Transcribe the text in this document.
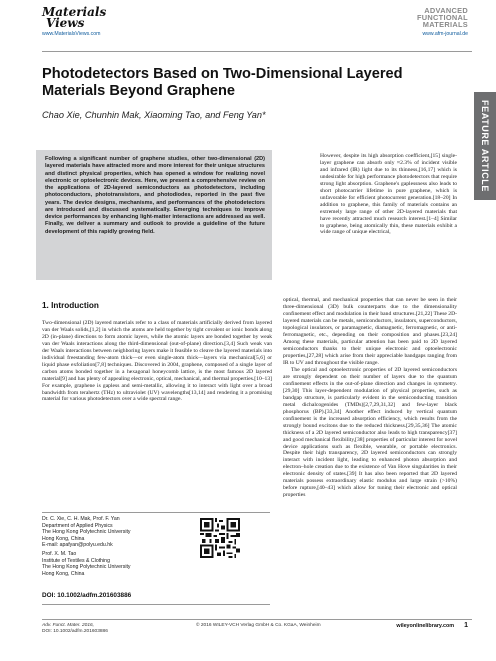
Materials
Views
www.MaterialsViews.com
ADVANCED
FUNCTIONAL
MATERIALS
www.afm-journal.de
FEATURE ARTICLE
Photodetectors Based on Two-Dimensional Layered Materials Beyond Graphene
Chao Xie, Chunhin Mak, Xiaoming Tao, and Feng Yan*
Following a significant number of graphene studies, other two-dimensional (2D) layered materials have attracted more and more interest for their unique structures and distinct physical properties, which has opened a window for realizing novel electronic or optoelectronic devices. Here, we present a comprehensive review on the applications of 2D-layered semiconductors as photodetectors, including photoconductors, phototransistors, and photodiodes, reported in the past five years. The device designs, mechanisms, and performances of the photodetectors are introduced and discussed systematically. Emerging techniques to improve device performances by enhancing light-matter interactions are addressed as well. Finally, we deliver a summary and outlook to provide a guideline of the future development of this rapidly growing field.

However, despite its high absorption coefficient,[15] single-layer graphene can absorb only ≈2.3% of incident visible and infrared (IR) light due to its thinness,[16,17] which is undesirable for high performance photodetectors that require strong light absorption. Graphene's gaplessness also leads to short photocarrier lifetime in pure graphene, which is unfavorable for efficient photocurrent generation.[18–20] In addition to graphene, this family of materials contains an extremely large range of other 2D-layered materials that have recently attracted much research interest.[1–4] Similar to graphene, being atomically thin, these materials exhibit a wide range of unique electrical,

1. Introduction

Two-dimensional (2D) layered materials refer to a class of materials artificially derived from layered van der Waals solids,[1,2] in which the atoms are held together by tight covalent or ionic bonds along 2D (in-plane) directions to form atomic layers, while the atomic layers are bonded together by weak van der Waals interactions along the third-dimensional (out-of-plane) direction.[3,4] Such weak van der Waals interactions between neighboring layers make it feasible to cleave the layered materials into individual freestanding few-atom thick—or even single-atom thick—layers via mechanical[5,6] or liquid phase exfoliation[7,8] techniques. Discovered in 2004, graphene, composed of a single layer of carbon atoms bonded together in a hexagonal honeycomb lattice, is the most famous 2D layered material[9] and has plenty of appealing electronic, optical, mechanical, and thermal properties.[10–13] For example, graphene is gapless and semi-metallic, allowing it to interact with light over a broad bandwidth from terahertz (THz) to ultraviolet (UV) wavelengths[13,14] and rendering it a promising material for various photodetectors over a wide spectral range.

optical, thermal, and mechanical properties that can never be seen in their three-dimensional (3D) bulk counterparts due to the dimensionality confinement effect and modulation in their band structures.[21,22] These 2D-layered materials can be metals, semiconductors, insulators, superconductors, topological insulators, or paramagnetic, diamagnetic, ferromagnetic, or anti-ferromagnetic, etc., depending on their composition and phases.[23,24] Among these materials, particular attention has been paid to 2D layered semiconductors thanks to their unique electronic and optoelectronic properties,[27,28] which arise from their appreciable bandgaps ranging from IR to UV and throughout the visible range.

The optical and optoelectronic properties of 2D layered semiconductors are strongly dependent on their number of layers due to the quantum confinement effects in the out-of-plane direction and changes in symmetry.[29,30] This layer-dependent modulation of physical properties, such as bandgap structure, is particularly evident in the semiconducting transition metal dichalcogenides (TMDs)[2,7,29,31,32] and few-layer black phosphorus (BP).[33,34] Another effect induced by vertical quantum confinement is the increased absorption efficiency, which results from the strongly bound excitons due to the reduced thickness.[29,35,36] The atomic thickness of a 2D layered semiconductor also leads to high transparency[37] and good mechanical flexibility,[38] properties of particular interest for novel device applications such as flexible, wearable, or portable electronics. Despite their high transparency, 2D layered semiconductors can strongly interact with incident light, leading to enhanced photon absorption and electron–hole creation due to the existence of Van Hove singularities in their electronic density of states.[39] It has also been reported that 2D layered materials possess extraordinary elastic modulus and large strain (>10%) before rupture,[40–43] which allow for tuning their electronic and optical properties

Dr. C. Xie, C. H. Mak, Prof. F. Yan
Department of Applied Physics
The Hong Kong Polytechnic University
Hong Kong, China
E-mail: apafyan@polyu.edu.hk
Prof. X. M. Tao
Institute of Textiles & Clothing
The Hong Kong Polytechnic University
Hong Kong, China
DOI: 10.1002/adfm.201603886
Adv. Funct. Mater. 2016,
DOI: 10.1002/adfm.201603886
© 2016 WILEY-VCH Verlag GmbH & Co. KGaA, Weinheim	wileyonlinelibrary.com 1
